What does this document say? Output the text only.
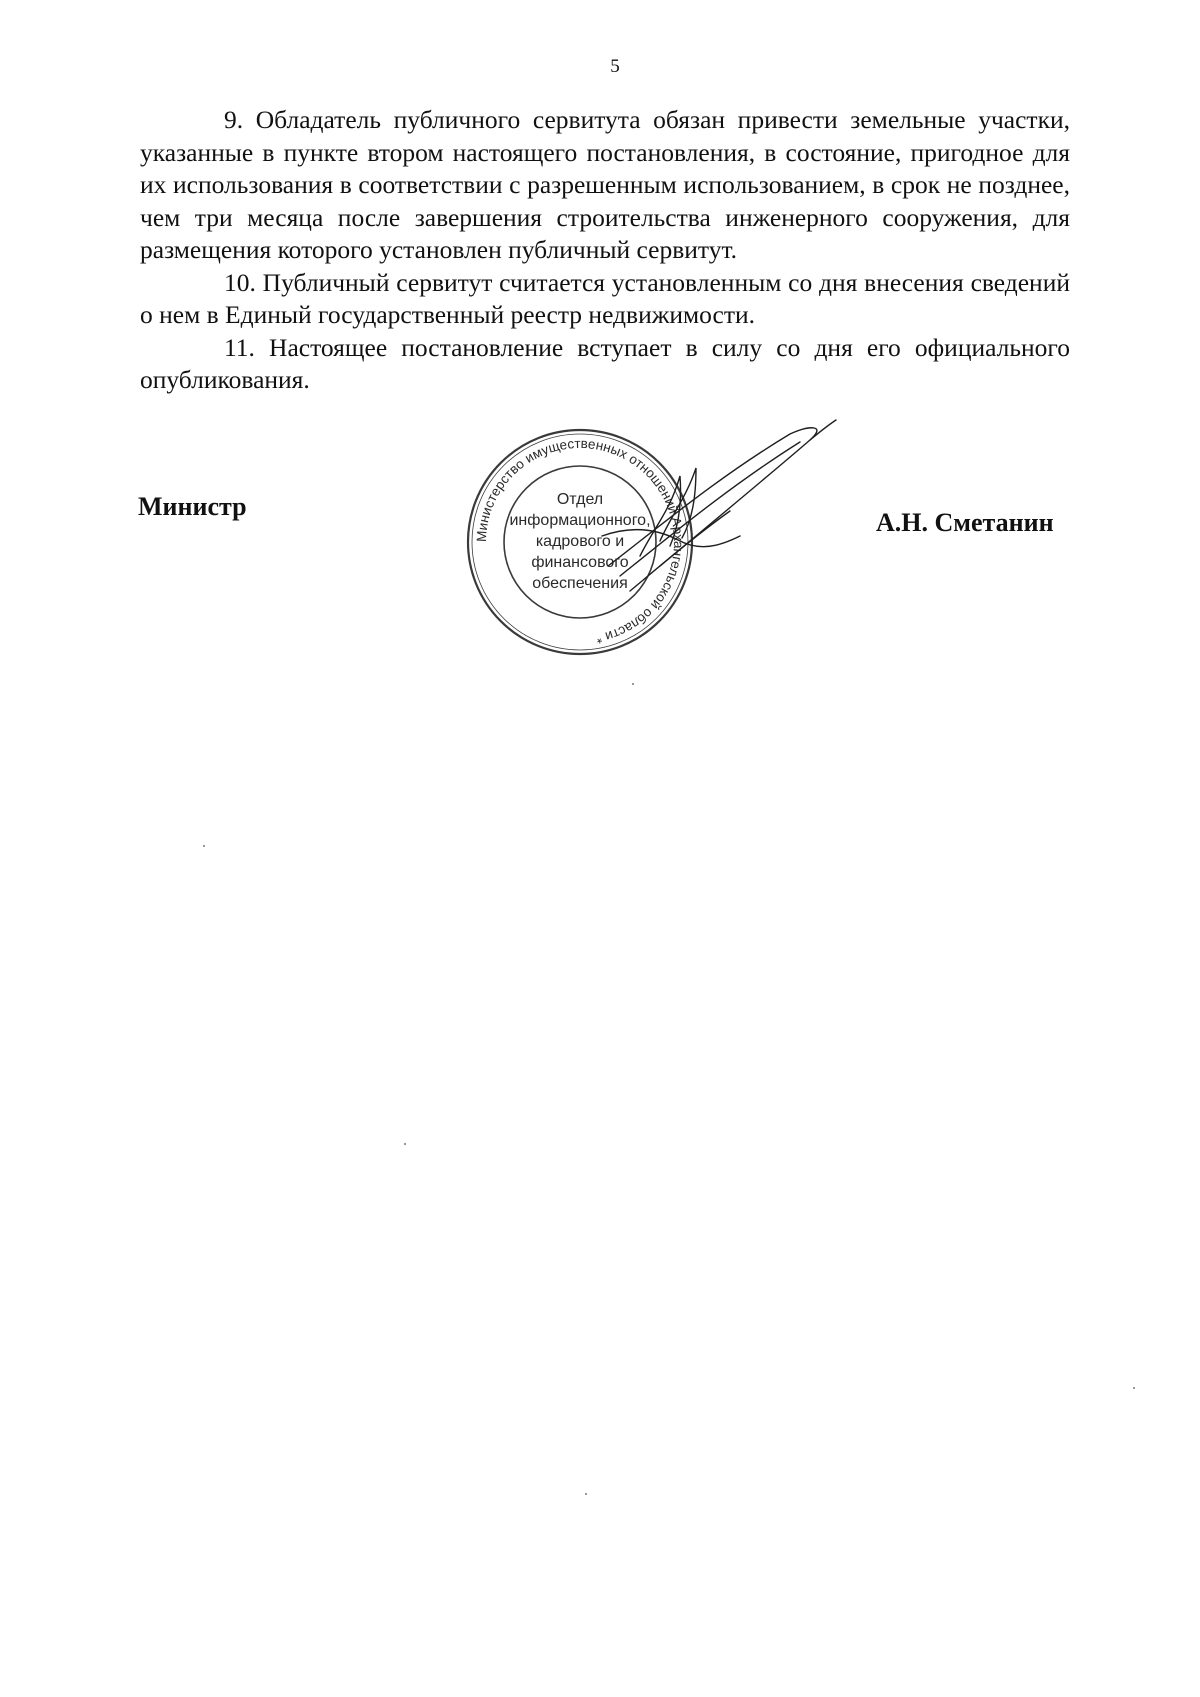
5

9. Обладатель публичного сервитута обязан привести земельные участки, указанные в пункте втором настоящего постановления, в состояние, пригодное для их использования в соответствии с разрешенным использованием, в срок не позднее, чем три месяца после завершения строительства инженерного сооружения, для размещения которого установлен публичный сервитут.

10. Публичный сервитут считается установленным со дня внесения сведений о нем в Единый государственный реестр недвижимости.

11. Настоящее постановление вступает в силу со дня его официального опубликования.

Министр
Министерство имущественных отношений Архангельской области *
Отдел
информационного,
кадрового и
финансового
обеспечения
А.Н. Сметанин
